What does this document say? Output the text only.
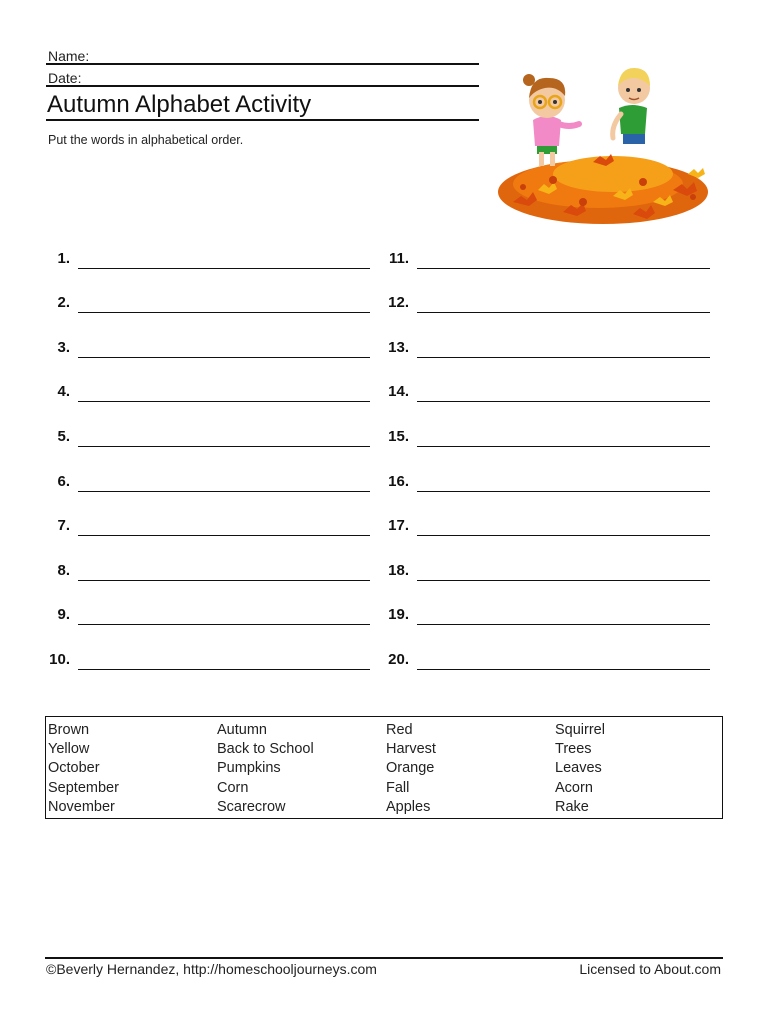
Name:
Date:
Autumn Alphabet Activity
Put the words in alphabetical order.
1.
2.
3.
4.
5.
6.
7.
8.
9.
10.
11.
12.
13.
14.
15.
16.
17.
18.
19.
20.
Brown
Yellow
October
September
November
Autumn
Back to School
Pumpkins
Corn
Scarecrow
Red
Harvest
Orange
Fall
Apples
Squirrel
Trees
Leaves
Acorn
Rake
©Beverly Hernandez, http://homeschooljourneys.com	Licensed to About.com
